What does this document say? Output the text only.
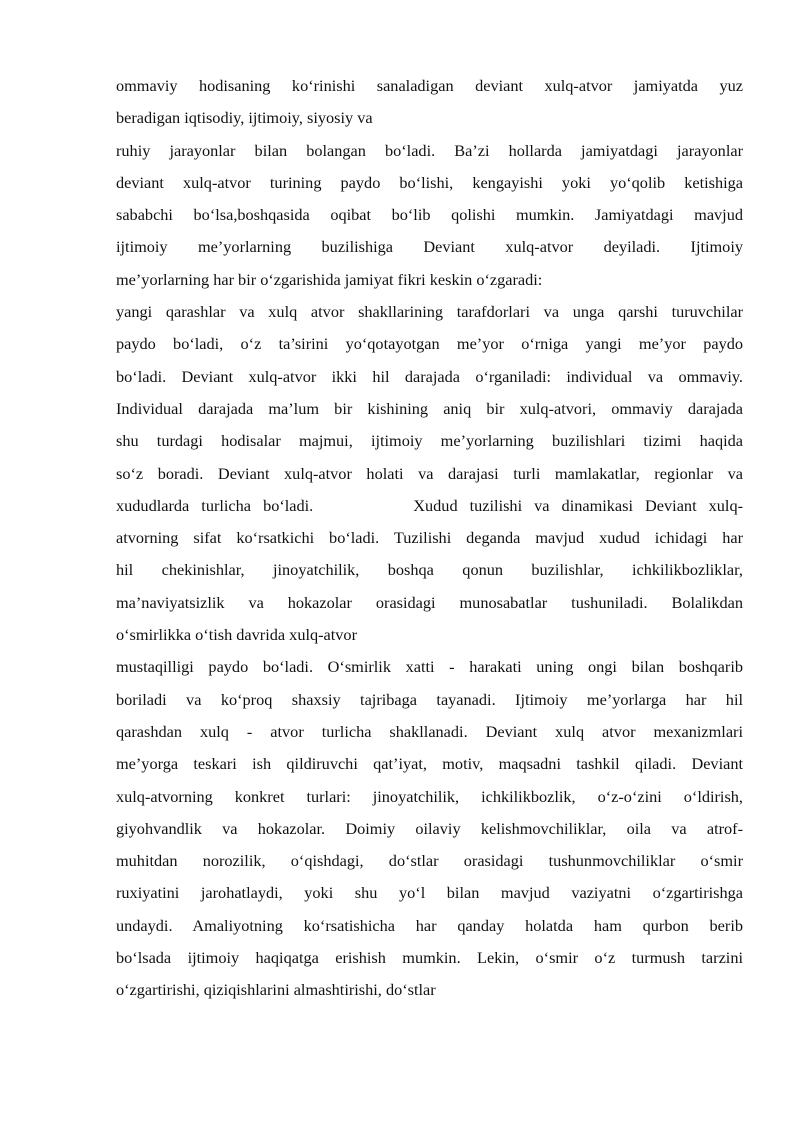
ommaviy hodisaning ko‘rinishi sanaladigan deviant xulq-atvor jamiyatda yuz
beradigan iqtisodiy, ijtimoiy, siyosiy va
ruhiy jarayonlar bilan bolangan bo‘ladi. Ba’zi hollarda jamiyatdagi jarayonlar
deviant xulq-atvor turining paydo bo‘lishi, kengayishi yoki yo‘qolib ketishiga
sababchi bo‘lsa,boshqasida oqibat bo‘lib qolishi mumkin. Jamiyatdagi mavjud
ijtimoiy me’yorlarning buzilishiga Deviant xulq-atvor deyiladi. Ijtimoiy
me’yorlarning har bir o‘zgarishida jamiyat fikri keskin o‘zgaradi:
yangi qarashlar va xulq atvor shakllarining tarafdorlari va unga qarshi turuvchilar
paydo bo‘ladi, o‘z ta’sirini yo‘qotayotgan me’yor o‘rniga yangi me’yor paydo
bo‘ladi. Deviant xulq-atvor ikki hil darajada o‘rganiladi: individual va ommaviy.
Individual darajada ma’lum bir kishining aniq bir xulq-atvori, ommaviy darajada
shu turdagi hodisalar majmui, ijtimoiy me’yorlarning buzilishlari tizimi haqida
so‘z boradi. Deviant xulq-atvor holati va darajasi turli mamlakatlar, regionlar va
xududlarda turlicha bo‘ladi.	Xudud tuzilishi va dinamikasi Deviant xulq-
atvorning sifat ko‘rsatkichi bo‘ladi. Tuzilishi deganda mavjud xudud ichidagi har
hil chekinishlar, jinoyatchilik, boshqa qonun buzilishlar, ichkilikbozliklar,
ma’naviyatsizlik va hokazolar orasidagi munosabatlar tushuniladi. Bolalikdan
o‘smirlikka o‘tish davrida xulq-atvor
mustaqilligi paydo bo‘ladi. O‘smirlik xatti - harakati uning ongi bilan boshqarib
boriladi va ko‘proq shaxsiy tajribaga tayanadi. Ijtimoiy me’yorlarga har hil
qarashdan xulq - atvor turlicha shakllanadi. Deviant xulq atvor mexanizmlari
me’yorga teskari ish qildiruvchi qat’iyat, motiv, maqsadni tashkil qiladi. Deviant
xulq-atvorning konkret turlari: jinoyatchilik, ichkilikbozlik, o‘z-o‘zini o‘ldirish,
giyohvandlik va hokazolar. Doimiy oilaviy kelishmovchiliklar, oila va atrof-
muhitdan norozilik, o‘qishdagi, do‘stlar orasidagi tushunmovchiliklar o‘smir
ruxiyatini jarohatlaydi, yoki shu yo‘l bilan mavjud vaziyatni o‘zgartirishga
undaydi. Amaliyotning ko‘rsatishicha har qanday holatda ham qurbon berib
bo‘lsada ijtimoiy haqiqatga erishish mumkin. Lekin, o‘smir o‘z turmush tarzini
o‘zgartirishi, qiziqishlarini almashtirishi, do‘stlar
